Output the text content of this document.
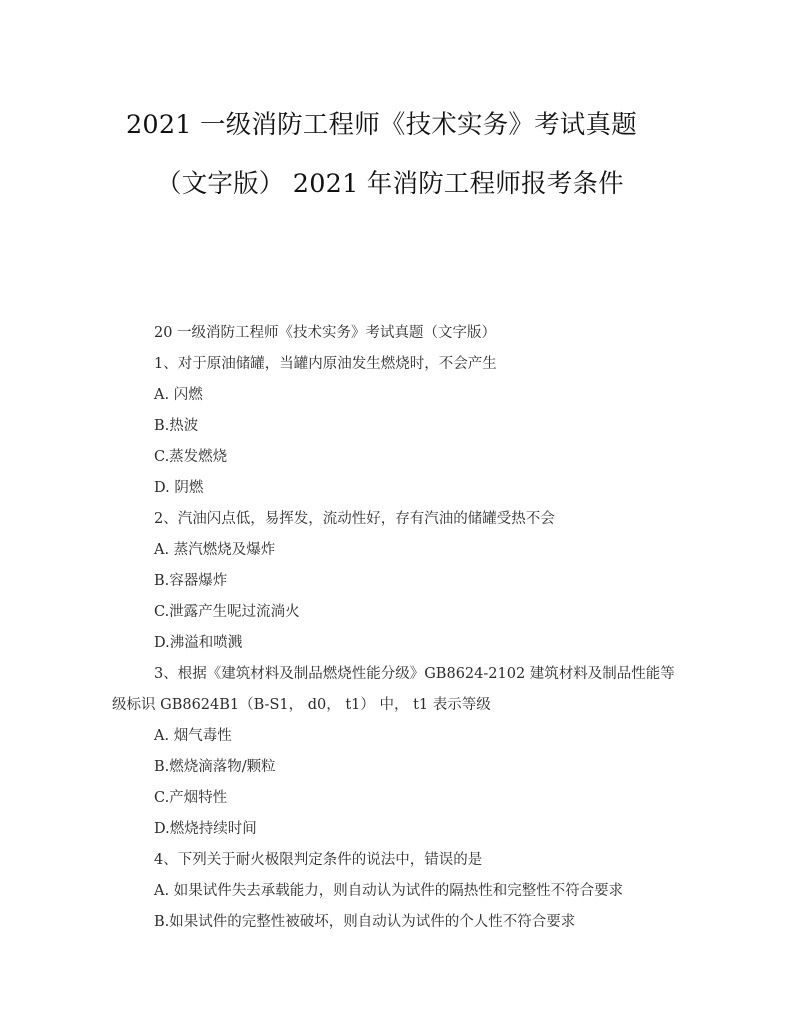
2021 一级消防工程师《技术实务》考试真题

（文字版） 2021 年消防工程师报考条件

20 一级消防工程师《技术实务》考试真题（文字版）

1、对于原油储罐，当罐内原油发生燃烧时，不会产生

A. 闪燃

B.热波

C.蒸发燃烧

D. 阴燃

2、汽油闪点低，易挥发，流动性好，存有汽油的储罐受热不会

A. 蒸汽燃烧及爆炸

B.容器爆炸

C.泄露产生呢过流淌火

D.沸溢和喷溅

3、根据《建筑材料及制品燃烧性能分级》GB8624-2102 建筑材料及制品性能等级标识 GB8624B1（B-S1， d0， t1） 中， t1 表示等级

A. 烟气毒性

B.燃烧滴落物/颗粒

C.产烟特性

D.燃烧持续时间

4、下列关于耐火极限判定条件的说法中，错误的是

A. 如果试件失去承载能力，则自动认为试件的隔热性和完整性不符合要求

B.如果试件的完整性被破坏，则自动认为试件的个人性不符合要求
